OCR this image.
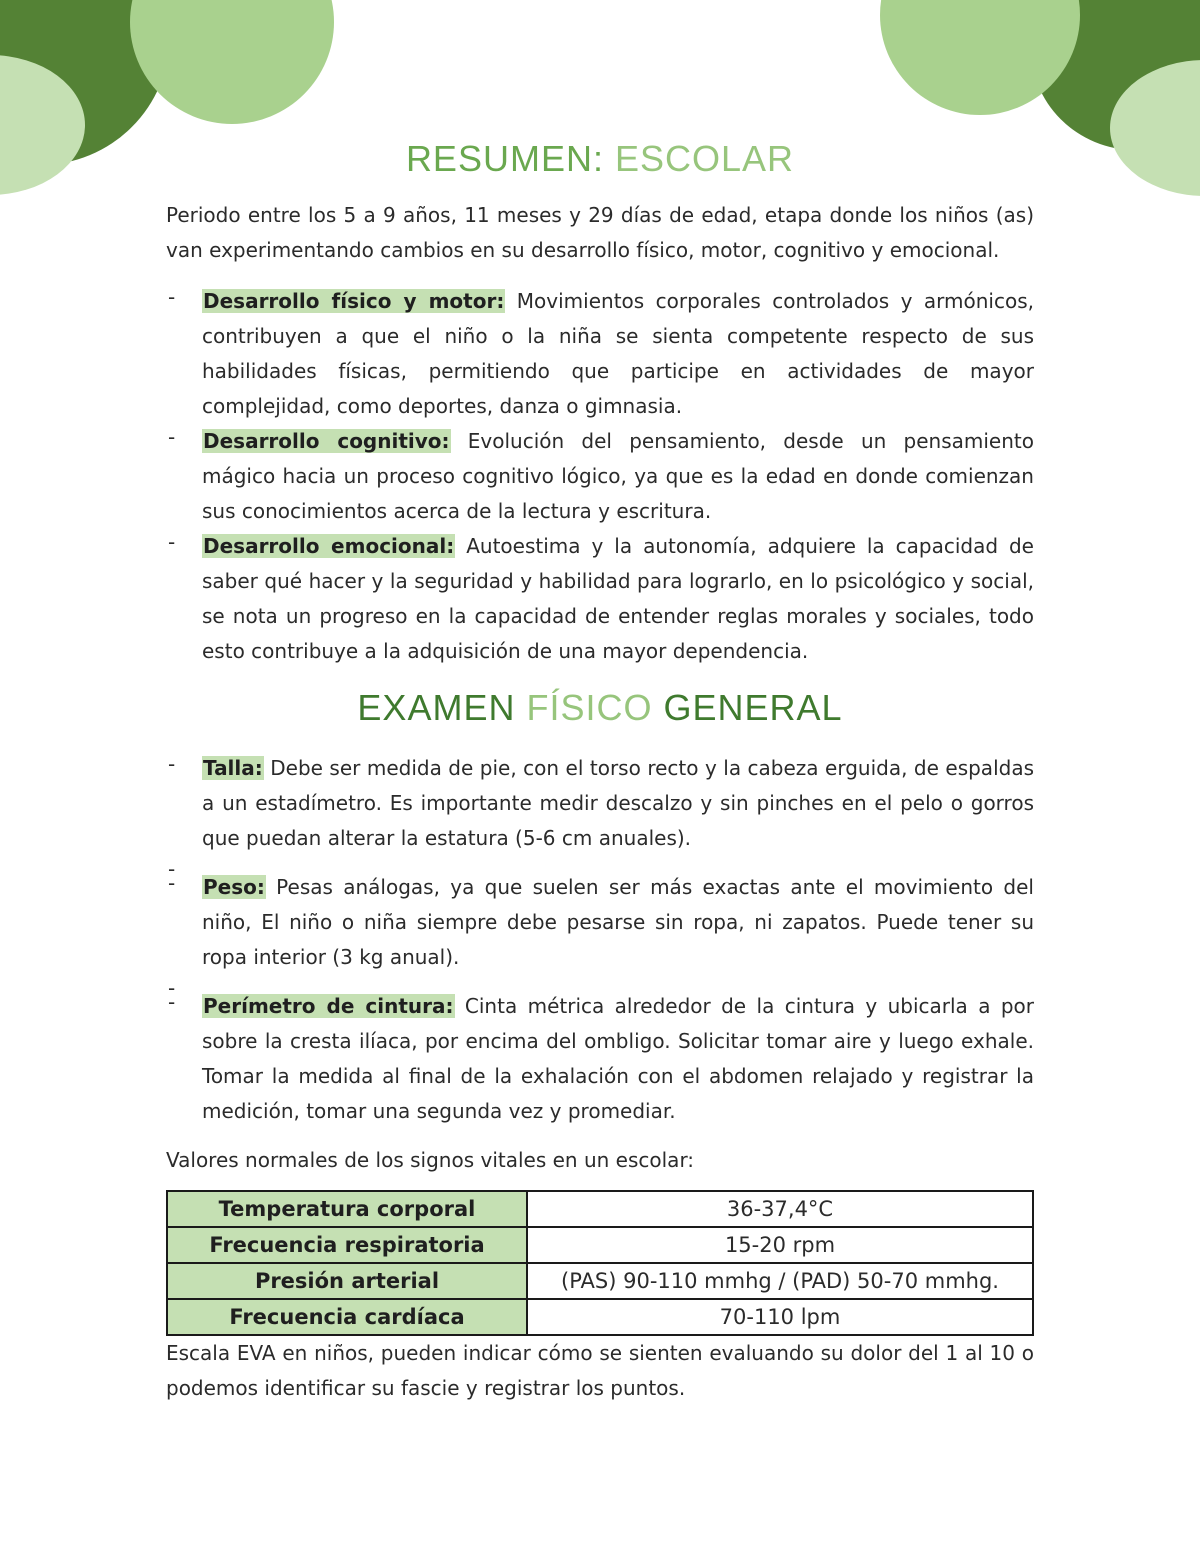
RESUMEN: ESCOLAR

Periodo entre los 5 a 9 años, 11 meses y 29 días de edad, etapa donde los niños (as) van experimentando cambios en su desarrollo físico, motor, cognitivo y emocional.

- Desarrollo físico y motor: Movimientos corporales controlados y armónicos, contribuyen a que el niño o la niña se sienta competente respecto de sus habilidades físicas, permitiendo que participe en actividades de mayor complejidad, como deportes, danza o gimnasia.
- Desarrollo cognitivo: Evolución del pensamiento, desde un pensamiento mágico hacia un proceso cognitivo lógico, ya que es la edad en donde comienzan sus conocimientos acerca de la lectura y escritura.
- Desarrollo emocional: Autoestima y la autonomía, adquiere la capacidad de saber qué hacer y la seguridad y habilidad para lograrlo, en lo psicológico y social, se nota un progreso en la capacidad de entender reglas morales y sociales, todo esto contribuye a la adquisición de una mayor dependencia.
EXAMEN FÍSICO GENERAL
- Talla: Debe ser medida de pie, con el torso recto y la cabeza erguida, de espaldas a un estadímetro. Es importante medir descalzo y sin pinches en el pelo o gorros que puedan alterar la estatura (5-6 cm anuales).
-
- Peso: Pesas análogas, ya que suelen ser más exactas ante el movimiento del niño, El niño o niña siempre debe pesarse sin ropa, ni zapatos. Puede tener su ropa interior (3 kg anual).
-
- Perímetro de cintura: Cinta métrica alrededor de la cintura y ubicarla a por sobre la cresta ilíaca, por encima del ombligo. Solicitar tomar aire y luego exhale. Tomar la medida al final de la exhalación con el abdomen relajado y registrar la medición, tomar una segunda vez y promediar.

Valores normales de los signos vitales en un escolar:

Temperatura corporal	36-37,4°C
Frecuencia respiratoria	15-20 rpm
Presión arterial	(PAS) 90-110 mmhg / (PAD) 50-70 mmhg.
Frecuencia cardíaca	70-110 lpm

Escala EVA en niños, pueden indicar cómo se sienten evaluando su dolor del 1 al 10 o podemos identificar su fascie y registrar los puntos.
